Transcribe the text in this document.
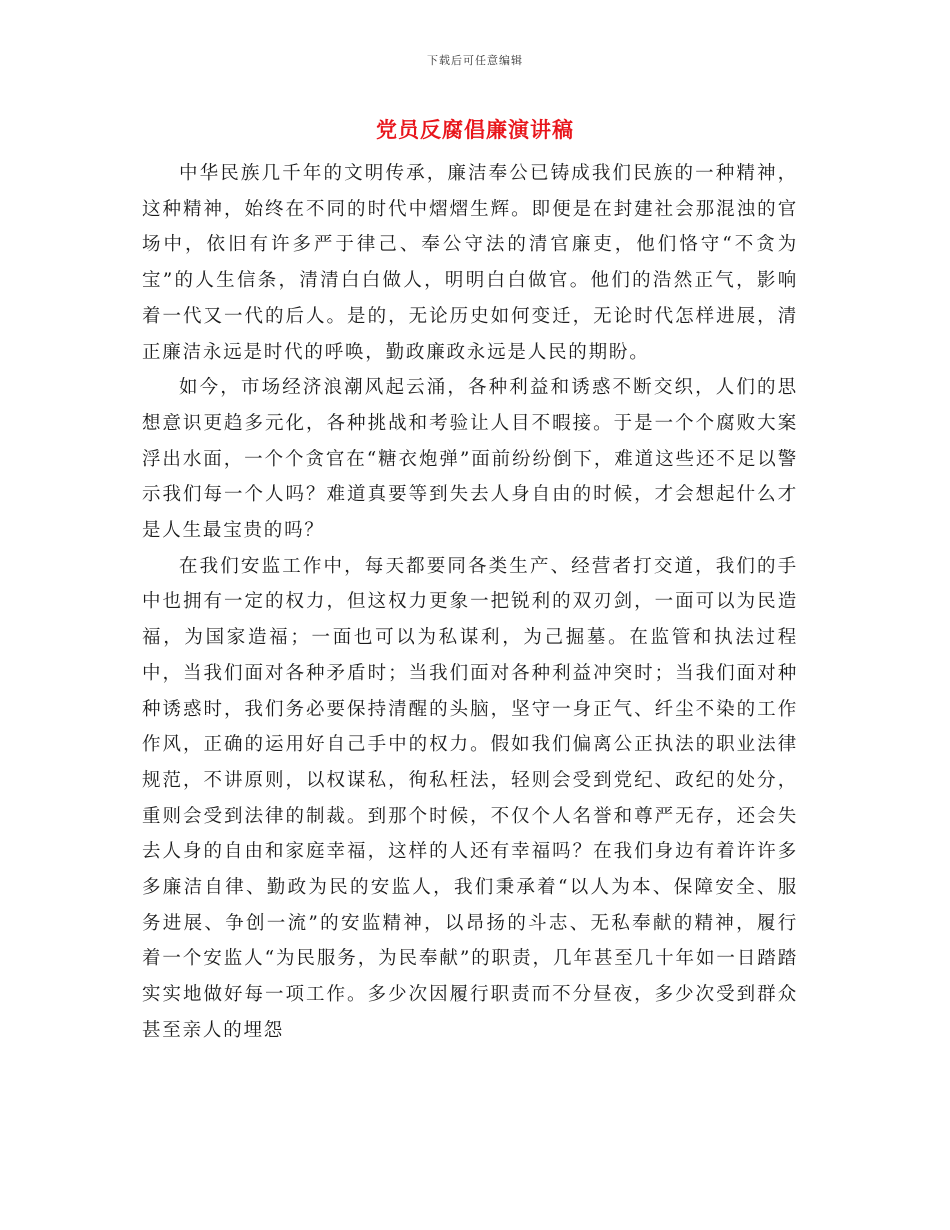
下载后可任意编辑
党员反腐倡廉演讲稿

中华民族几千年的文明传承，廉洁奉公已铸成我们民族的一种精神，这种精神，始终在不同的时代中熠熠生辉。即便是在封建社会那混浊的官场中，依旧有许多严于律己、奉公守法的清官廉吏，他们恪守“不贪为宝”的人生信条，清清白白做人，明明白白做官。他们的浩然正气，影响着一代又一代的后人。是的，无论历史如何变迁，无论时代怎样进展，清正廉洁永远是时代的呼唤，勤政廉政永远是人民的期盼。

如今，市场经济浪潮风起云涌，各种利益和诱惑不断交织，人们的思想意识更趋多元化，各种挑战和考验让人目不暇接。于是一个个腐败大案浮出水面，一个个贪官在“糖衣炮弹”面前纷纷倒下，难道这些还不足以警示我们每一个人吗？难道真要等到失去人身自由的时候，才会想起什么才是人生最宝贵的吗？

在我们安监工作中，每天都要同各类生产、经营者打交道，我们的手中也拥有一定的权力，但这权力更象一把锐利的双刃剑，一面可以为民造福，为国家造福；一面也可以为私谋利，为己掘墓。在监管和执法过程中，当我们面对各种矛盾时；当我们面对各种利益冲突时；当我们面对种种诱惑时，我们务必要保持清醒的头脑，坚守一身正气、纤尘不染的工作作风，正确的运用好自己手中的权力。假如我们偏离公正执法的职业法律规范，不讲原则，以权谋私，徇私枉法，轻则会受到党纪、政纪的处分，重则会受到法律的制裁。到那个时候，不仅个人名誉和尊严无存，还会失去人身的自由和家庭幸福，这样的人还有幸福吗？在我们身边有着许许多多廉洁自律、勤政为民的安监人，我们秉承着“以人为本、保障安全、服务进展、争创一流”的安监精神，以昂扬的斗志、无私奉献的精神，履行着一个安监人“为民服务，为民奉献”的职责，几年甚至几十年如一日踏踏实实地做好每一项工作。多少次因履行职责而不分昼夜，多少次受到群众甚至亲人的埋怨
